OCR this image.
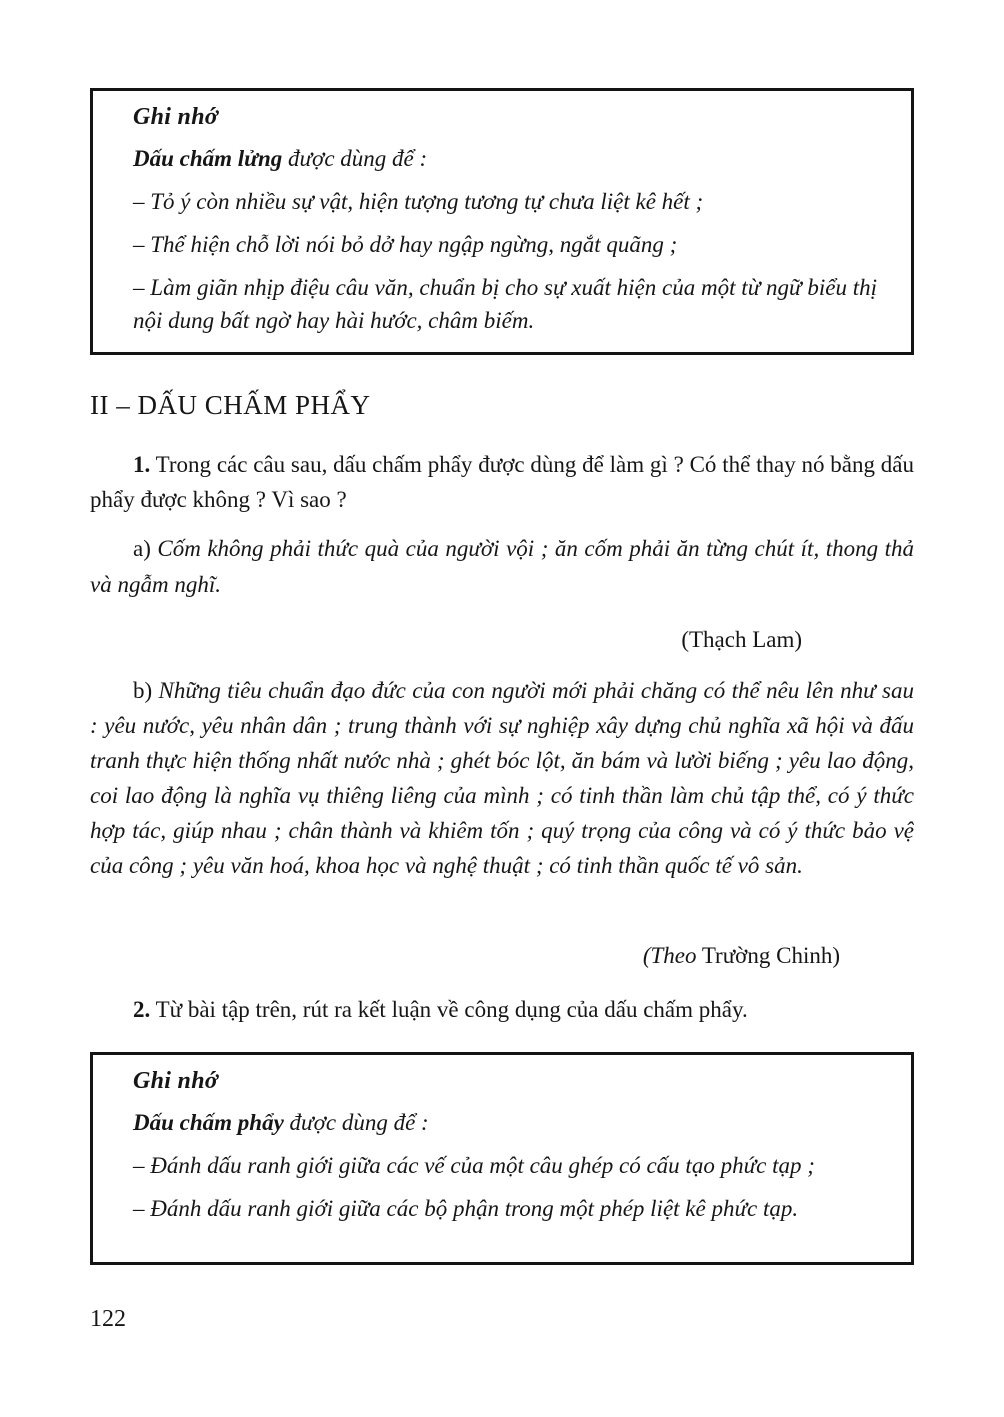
Ghi nhớ
Dấu chấm lửng được dùng để :
– Tỏ ý còn nhiều sự vật, hiện tượng tương tự chưa liệt kê hết ;
– Thể hiện chỗ lời nói bỏ dở hay ngập ngừng, ngắt quãng ;
– Làm giãn nhịp điệu câu văn, chuẩn bị cho sự xuất hiện của một từ ngữ biểu thị nội dung bất ngờ hay hài hước, châm biếm.
II – DẤU CHẤM PHẨY
1. Trong các câu sau, dấu chấm phẩy được dùng để làm gì ? Có thể thay nó bằng dấu phẩy được không ? Vì sao ?
a) Cốm không phải thức quà của người vội ; ăn cốm phải ăn từng chút ít, thong thả và ngẫm nghĩ.
(Thạch Lam)
b) Những tiêu chuẩn đạo đức của con người mới phải chăng có thể nêu lên như sau : yêu nước, yêu nhân dân ; trung thành với sự nghiệp xây dựng chủ nghĩa xã hội và đấu tranh thực hiện thống nhất nước nhà ; ghét bóc lột, ăn bám và lười biếng ; yêu lao động, coi lao động là nghĩa vụ thiêng liêng của mình ; có tinh thần làm chủ tập thể, có ý thức hợp tác, giúp nhau ; chân thành và khiêm tốn ; quý trọng của công và có ý thức bảo vệ của công ; yêu văn hoá, khoa học và nghệ thuật ; có tinh thần quốc tế vô sản.
(Theo Trường Chinh)
2. Từ bài tập trên, rút ra kết luận về công dụng của dấu chấm phẩy.
Ghi nhớ
Dấu chấm phẩy được dùng để :
– Đánh dấu ranh giới giữa các vế của một câu ghép có cấu tạo phức tạp ;
– Đánh dấu ranh giới giữa các bộ phận trong một phép liệt kê phức tạp.
122
